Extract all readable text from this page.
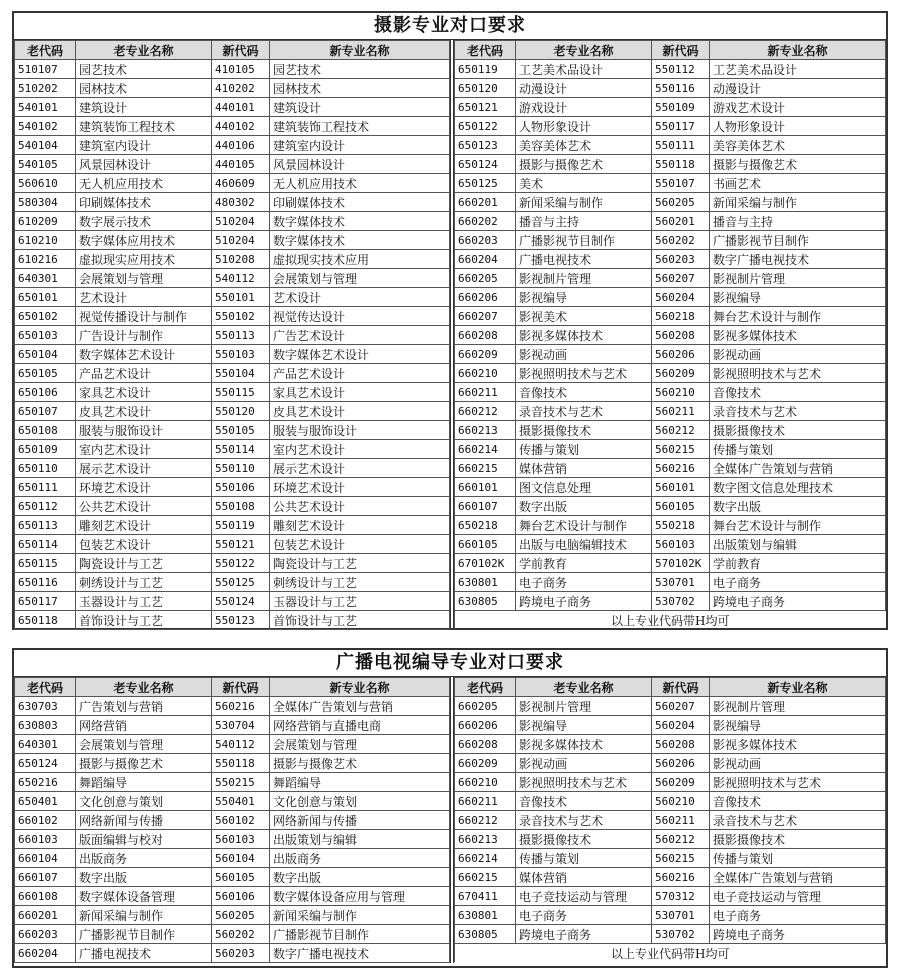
摄影专业对口要求
老代码	老专业名称	新代码	新专业名称
510107	园艺技术	410105	园艺技术
510202	园林技术	410202	园林技术
540101	建筑设计	440101	建筑设计
540102	建筑装饰工程技术	440102	建筑装饰工程技术
540104	建筑室内设计	440106	建筑室内设计
540105	风景园林设计	440105	风景园林设计
560610	无人机应用技术	460609	无人机应用技术
580304	印刷媒体技术	480302	印刷媒体技术
610209	数字展示技术	510204	数字媒体技术
610210	数字媒体应用技术	510204	数字媒体技术
610216	虚拟现实应用技术	510208	虚拟现实技术应用
640301	会展策划与管理	540112	会展策划与管理
650101	艺术设计	550101	艺术设计
650102	视觉传播设计与制作	550102	视觉传达设计
650103	广告设计与制作	550113	广告艺术设计
650104	数字媒体艺术设计	550103	数字媒体艺术设计
650105	产品艺术设计	550104	产品艺术设计
650106	家具艺术设计	550115	家具艺术设计
650107	皮具艺术设计	550120	皮具艺术设计
650108	服装与服饰设计	550105	服装与服饰设计
650109	室内艺术设计	550114	室内艺术设计
650110	展示艺术设计	550110	展示艺术设计
650111	环境艺术设计	550106	环境艺术设计
650112	公共艺术设计	550108	公共艺术设计
650113	雕刻艺术设计	550119	雕刻艺术设计
650114	包装艺术设计	550121	包装艺术设计
650115	陶瓷设计与工艺	550122	陶瓷设计与工艺
650116	刺绣设计与工艺	550125	刺绣设计与工艺
650117	玉器设计与工艺	550124	玉器设计与工艺
650118	首饰设计与工艺	550123	首饰设计与工艺
老代码	老专业名称	新代码	新专业名称
650119	工艺美术品设计	550112	工艺美术品设计
650120	动漫设计	550116	动漫设计
650121	游戏设计	550109	游戏艺术设计
650122	人物形象设计	550117	人物形象设计
650123	美容美体艺术	550111	美容美体艺术
650124	摄影与摄像艺术	550118	摄影与摄像艺术
650125	美术	550107	书画艺术
660201	新闻采编与制作	560205	新闻采编与制作
660202	播音与主持	560201	播音与主持
660203	广播影视节目制作	560202	广播影视节目制作
660204	广播电视技术	560203	数字广播电视技术
660205	影视制片管理	560207	影视制片管理
660206	影视编导	560204	影视编导
660207	影视美术	560218	舞台艺术设计与制作
660208	影视多媒体技术	560208	影视多媒体技术
660209	影视动画	560206	影视动画
660210	影视照明技术与艺术	560209	影视照明技术与艺术
660211	音像技术	560210	音像技术
660212	录音技术与艺术	560211	录音技术与艺术
660213	摄影摄像技术	560212	摄影摄像技术
660214	传播与策划	560215	传播与策划
660215	媒体营销	560216	全媒体广告策划与营销
660101	图文信息处理	560101	数字图文信息处理技术
660107	数字出版	560105	数字出版
650218	舞台艺术设计与制作	550218	舞台艺术设计与制作
660105	出版与电脑编辑技术	560103	出版策划与编辑
670102K	学前教育	570102K	学前教育
630801	电子商务	530701	电子商务
630805	跨境电子商务	530702	跨境电子商务
以上专业代码带H均可			
广播电视编导专业对口要求
老代码	老专业名称	新代码	新专业名称
630703	广告策划与营销	560216	全媒体广告策划与营销
630803	网络营销	530704	网络营销与直播电商
640301	会展策划与管理	540112	会展策划与管理
650124	摄影与摄像艺术	550118	摄影与摄像艺术
650216	舞蹈编导	550215	舞蹈编导
650401	文化创意与策划	550401	文化创意与策划
660102	网络新闻与传播	560102	网络新闻与传播
660103	版面编辑与校对	560103	出版策划与编辑
660104	出版商务	560104	出版商务
660107	数字出版	560105	数字出版
660108	数字媒体设备管理	560106	数字媒体设备应用与管理
660201	新闻采编与制作	560205	新闻采编与制作
660203	广播影视节目制作	560202	广播影视节目制作
660204	广播电视技术	560203	数字广播电视技术
老代码	老专业名称	新代码	新专业名称
660205	影视制片管理	560207	影视制片管理
660206	影视编导	560204	影视编导
660208	影视多媒体技术	560208	影视多媒体技术
660209	影视动画	560206	影视动画
660210	影视照明技术与艺术	560209	影视照明技术与艺术
660211	音像技术	560210	音像技术
660212	录音技术与艺术	560211	录音技术与艺术
660213	摄影摄像技术	560212	摄影摄像技术
660214	传播与策划	560215	传播与策划
660215	媒体营销	560216	全媒体广告策划与营销
670411	电子竞技运动与管理	570312	电子竞技运动与管理
630801	电子商务	530701	电子商务
630805	跨境电子商务	530702	跨境电子商务
以上专业代码带H均可			
